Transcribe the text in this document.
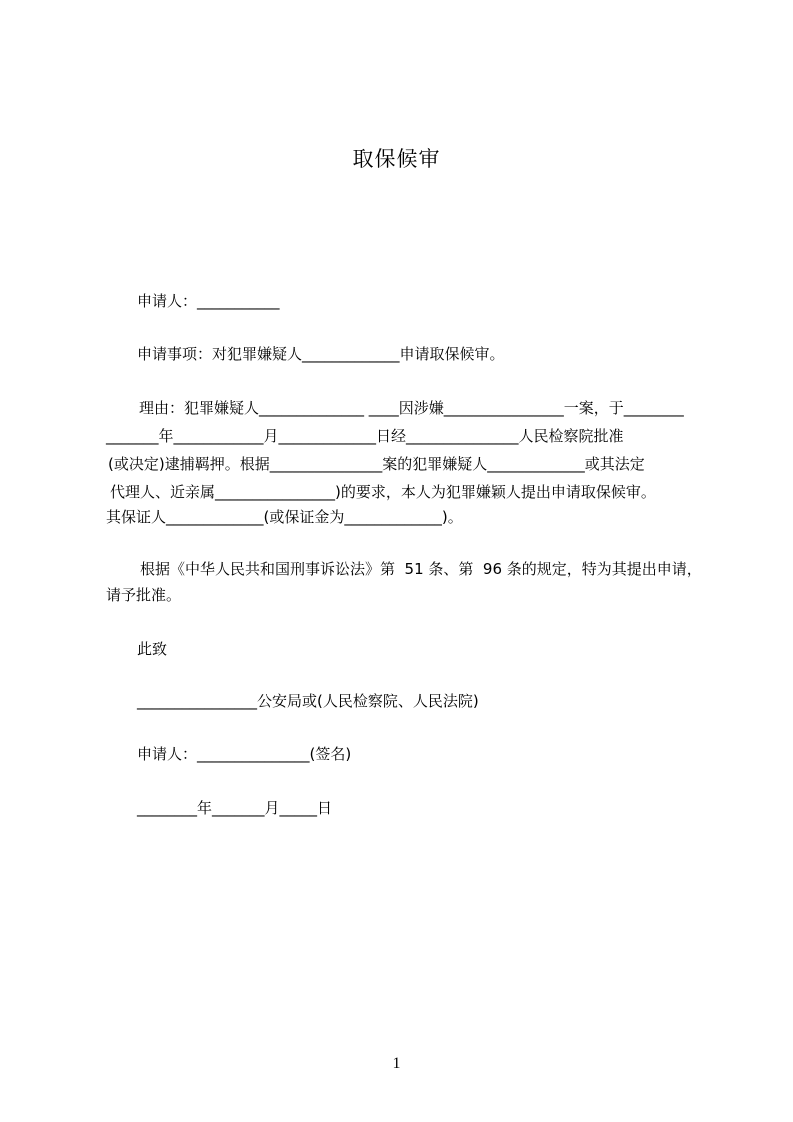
取保候审
申请人：___________
申请事项：对犯罪嫌疑人_____________申请取保候审。
理由：犯罪嫌疑人______________ ____因涉嫌________________一案，于________
_______年____________月_____________日经_______________人民检察院批准
(或决定)逮捕羁押。根据_______________案的犯罪嫌疑人_____________或其法定
代理人、近亲属________________)的要求，本人为犯罪嫌颖人提出申请取保候审。
其保证人_____________(或保证金为_____________)。
根据《中华人民共和国刑事诉讼法》第  51 条、第  96 条的规定，特为其提出申请，
请予批准。
此致
________________公安局或(人民检察院、人民法院)
申请人：_______________(签名)
________年_______月_____日
1
